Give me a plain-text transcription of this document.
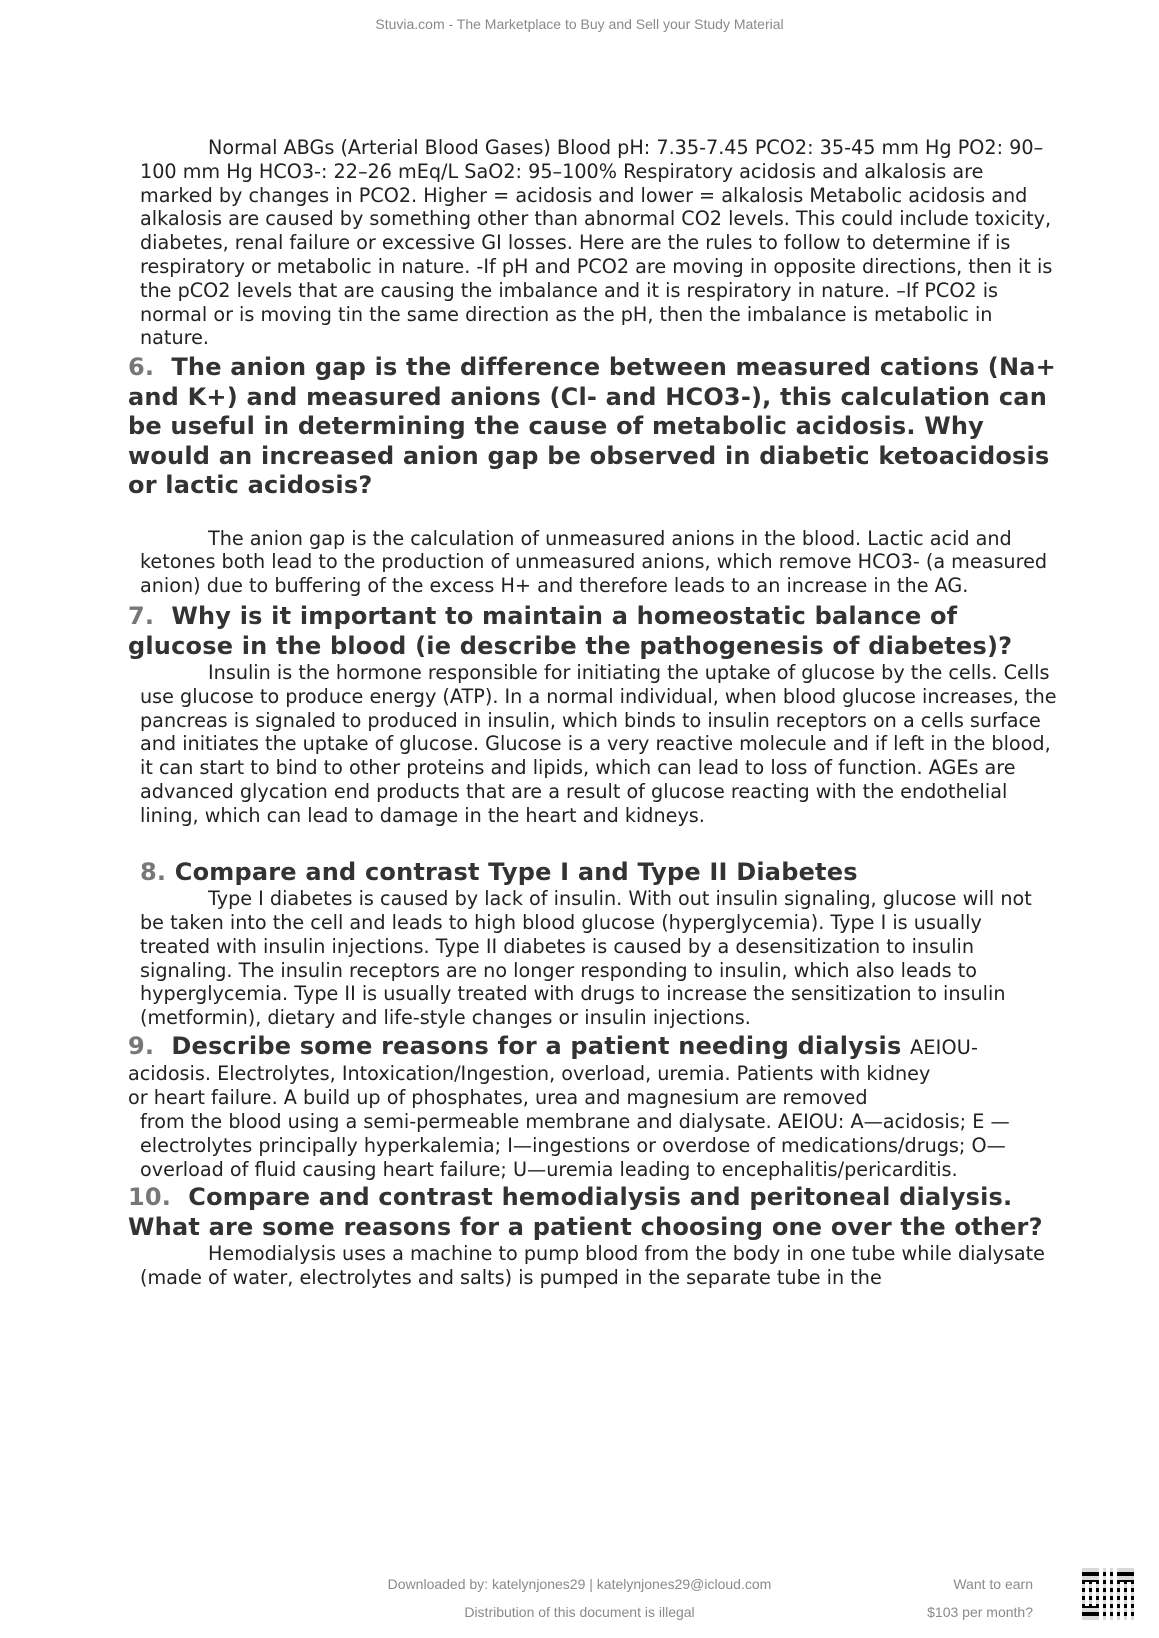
Stuvia.com - The Marketplace to Buy and Sell your Study Material

Normal ABGs (Arterial Blood Gases) Blood pH: 7.35-7.45 PCO2: 35-45 mm Hg PO2: 90–100 mm Hg HCO3-: 22–26 mEq/L SaO2: 95–100% Respiratory acidosis and alkalosis are marked by changes in PCO2. Higher = acidosis and lower = alkalosis Metabolic acidosis and alkalosis are caused by something other than abnormal CO2 levels. This could include toxicity, diabetes, renal failure or excessive GI losses. Here are the rules to follow to determine if is respiratory or metabolic in nature. -If pH and PCO2 are moving in opposite directions, then it is the pCO2 levels that are causing the imbalance and it is respiratory in nature. –If PCO2 is normal or is moving tin the same direction as the pH, then the imbalance is metabolic in nature.

6. The anion gap is the difference between measured cations (Na+ and K+) and measured anions (Cl- and HCO3-), this calculation can be useful in determining the cause of metabolic acidosis. Why would an increased anion gap be observed in diabetic ketoacidosis or lactic acidosis?

The anion gap is the calculation of unmeasured anions in the blood. Lactic acid and ketones both lead to the production of unmeasured anions, which remove HCO3- (a measured anion) due to buffering of the excess H+ and therefore leads to an increase in the AG.

7. Why is it important to maintain a homeostatic balance of glucose in the blood (ie describe the pathogenesis of diabetes)?

Insulin is the hormone responsible for initiating the uptake of glucose by the cells. Cells use glucose to produce energy (ATP). In a normal individual, when blood glucose increases, the pancreas is signaled to produced in insulin, which binds to insulin receptors on a cells surface and initiates the uptake of glucose. Glucose is a very reactive molecule and if left in the blood, it can start to bind to other proteins and lipids, which can lead to loss of function. AGEs are advanced glycation end products that are a result of glucose reacting with the endothelial lining, which can lead to damage in the heart and kidneys.

8. Compare and contrast Type I and Type II Diabetes

Type I diabetes is caused by lack of insulin. With out insulin signaling, glucose will not be taken into the cell and leads to high blood glucose (hyperglycemia). Type I is usually treated with insulin injections. Type II diabetes is caused by a desensitization to insulin signaling. The insulin receptors are no longer responding to insulin, which also leads to hyperglycemia. Type II is usually treated with drugs to increase the sensitization to insulin (metformin), dietary and life-style changes or insulin injections.

9. Describe some reasons for a patient needing dialysis AEIOU-

acidosis. Electrolytes, Intoxication/Ingestion, overload, uremia. Patients with kidney

or heart failure. A build up of phosphates, urea and magnesium are removed

from the blood using a semi-permeable membrane and dialysate. AEIOU: A—acidosis; E —electrolytes principally hyperkalemia; I—ingestions or overdose of medications/drugs; O—overload of fluid causing heart failure; U—uremia leading to encephalitis/pericarditis.

10. Compare and contrast hemodialysis and peritoneal dialysis. What are some reasons for a patient choosing one over the other?

Hemodialysis uses a machine to pump blood from the body in one tube while dialysate (made of water, electrolytes and salts) is pumped in the separate tube in the

Downloaded by: katelynjones29 | katelynjones29@icloud.com
Distribution of this document is illegal
Want to earn
$103 per month?
